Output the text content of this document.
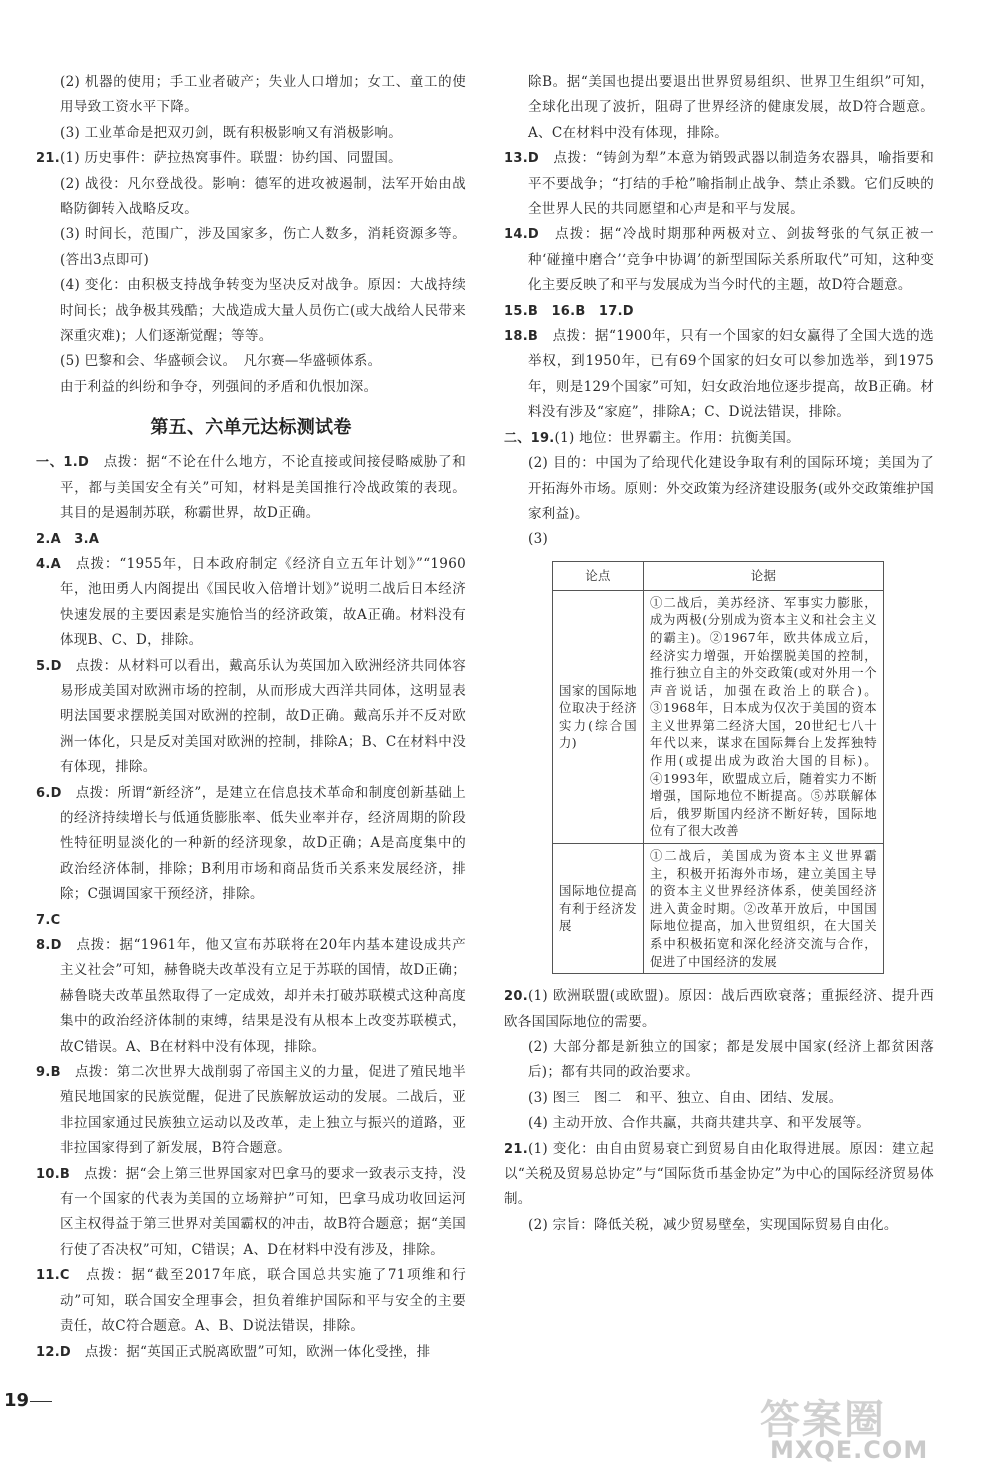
(2) 机器的使用；手工业者破产；失业人口增加；女工、童工的使用导致工资水平下降。

(3) 工业革命是把双刃剑，既有积极影响又有消极影响。

21.(1) 历史事件：萨拉热窝事件。联盟：协约国、同盟国。

(2) 战役：凡尔登战役。影响：德军的进攻被遏制，法军开始由战略防御转入战略反攻。

(3) 时间长，范围广，涉及国家多，伤亡人数多，消耗资源多等。(答出3点即可)

(4) 变化：由积极支持战争转变为坚决反对战争。原因：大战持续时间长；战争极其残酷；大战造成大量人员伤亡(或大战给人民带来深重灾难)；人们逐渐觉醒；等等。

(5) 巴黎和会、华盛顿会议。　凡尔赛—华盛顿体系。

由于利益的纠纷和争夺，列强间的矛盾和仇恨加深。

第五、六单元达标测试卷

一、1.D　 点拨：据“不论在什么地方，不论直接或间接侵略威胁了和平，都与美国安全有关”可知，材料是美国推行冷战政策的表现。其目的是遏制苏联，称霸世界，故D正确。

2.A　3.A

4.A　 点拨：“1955年，日本政府制定《经济自立五年计划》”“1960年，池田勇人内阁提出《国民收入倍增计划》”说明二战后日本经济快速发展的主要因素是实施恰当的经济政策，故A正确。材料没有体现B、C、D，排除。

5.D　 点拨：从材料可以看出，戴高乐认为英国加入欧洲经济共同体容易形成美国对欧洲市场的控制，从而形成大西洋共同体，这明显表明法国要求摆脱美国对欧洲的控制，故D正确。戴高乐并不反对欧洲一体化，只是反对美国对欧洲的控制，排除A；B、C在材料中没有体现，排除。

6.D　 点拨：所谓“新经济”，是建立在信息技术革命和制度创新基础上的经济持续增长与低通货膨胀率、低失业率并存，经济周期的阶段性特征明显淡化的一种新的经济现象，故D正确；A是高度集中的政治经济体制，排除；B利用市场和商品货币关系来发展经济，排除；C强调国家干预经济，排除。

7.C

8.D　 点拨：据“1961年，他又宣布苏联将在20年内基本建设成共产主义社会”可知，赫鲁晓夫改革没有立足于苏联的国情，故D正确；赫鲁晓夫改革虽然取得了一定成效，却并未打破苏联模式这种高度集中的政治经济体制的束缚，结果是没有从根本上改变苏联模式，故C错误。A、B在材料中没有体现，排除。

9.B　 点拨：第二次世界大战削弱了帝国主义的力量，促进了殖民地半殖民地国家的民族觉醒，促进了民族解放运动的发展。二战后，亚非拉国家通过民族独立运动以及改革，走上独立与振兴的道路，亚非拉国家得到了新发展，B符合题意。

10.B　 点拨：据“会上第三世界国家对巴拿马的要求一致表示支持，没有一个国家的代表为美国的立场辩护”可知，巴拿马成功收回运河区主权得益于第三世界对美国霸权的冲击，故B符合题意；据“美国行使了否决权”可知，C错误；A、D在材料中没有涉及，排除。

11.C　 点拨：据“截至2017年底，联合国总共实施了71项维和行动”可知，联合国安全理事会，担负着维护国际和平与安全的主要责任，故C符合题意。A、B、D说法错误，排除。

12.D　 点拨：据“英国正式脱离欧盟”可知，欧洲一体化受挫，排

除B。据“美国也提出要退出世界贸易组织、世界卫生组织”可知，全球化出现了波折，阻碍了世界经济的健康发展，故D符合题意。A、C在材料中没有体现，排除。

13.D　 点拨：“铸剑为犁”本意为销毁武器以制造务农器具，喻指要和平不要战争；“打结的手枪”喻指制止战争、禁止杀戮。它们反映的全世界人民的共同愿望和心声是和平与发展。

14.D　 点拨：据“冷战时期那种两极对立、剑拔弩张的气氛正被一种‘碰撞中磨合’‘竞争中协调’的新型国际关系所取代”可知，这种变化主要反映了和平与发展成为当今时代的主题，故D符合题意。

15.B　16.B　17.D

18.B　 点拨：据“1900年，只有一个国家的妇女赢得了全国大选的选举权，到1950年，已有69个国家的妇女可以参加选举，到1975年，则是129个国家”可知，妇女政治地位逐步提高，故B正确。材料没有涉及“家庭”，排除A；C、D说法错误，排除。

二、19.(1) 地位：世界霸主。作用：抗衡美国。

(2) 目的：中国为了给现代化建设争取有利的国际环境；美国为了开拓海外市场。原则：外交政策为经济建设服务(或外交政策维护国家利益)。

(3)

论点	论据
国家的国际地位取决于经济实力(综合国力)	①二战后，美苏经济、军事实力膨胀，成为两极(分别成为资本主义和社会主义的霸主)。②1967年，欧共体成立后，经济实力增强，开始摆脱美国的控制，推行独立自主的外交政策(或对外用一个声音说话，加强在政治上的联合)。③1968年，日本成为仅次于美国的资本主义世界第二经济大国，20世纪七八十年代以来，谋求在国际舞台上发挥独特作用(或提出成为政治大国的目标)。④1993年，欧盟成立后，随着实力不断增强，国际地位不断提高。⑤苏联解体后，俄罗斯国内经济不断好转，国际地位有了很大改善
国际地位提高有利于经济发展	①二战后，美国成为资本主义世界霸主，积极开拓海外市场，建立美国主导的资本主义世界经济体系，使美国经济进入黄金时期。②改革开放后，中国国际地位提高，加入世贸组织，在大国关系中积极拓宽和深化经济交流与合作，促进了中国经济的发展

20.(1) 欧洲联盟(或欧盟)。原因：战后西欧衰落；重振经济、提升西欧各国国际地位的需要。

(2) 大部分都是新独立的国家；都是发展中国家(经济上都贫困落后)；都有共同的政治要求。

(3) 图三　图二　和平、独立、自由、团结、发展。

(4) 主动开放、合作共赢，共商共建共享、和平发展等。

21.(1) 变化：由自由贸易衰亡到贸易自由化取得进展。原因：建立起以“关税及贸易总协定”与“国际货币基金协定”为中心的国际经济贸易体制。

(2) 宗旨：降低关税，减少贸易壁垒，实现国际贸易自由化。

19	答案圈
MXQE.COM
